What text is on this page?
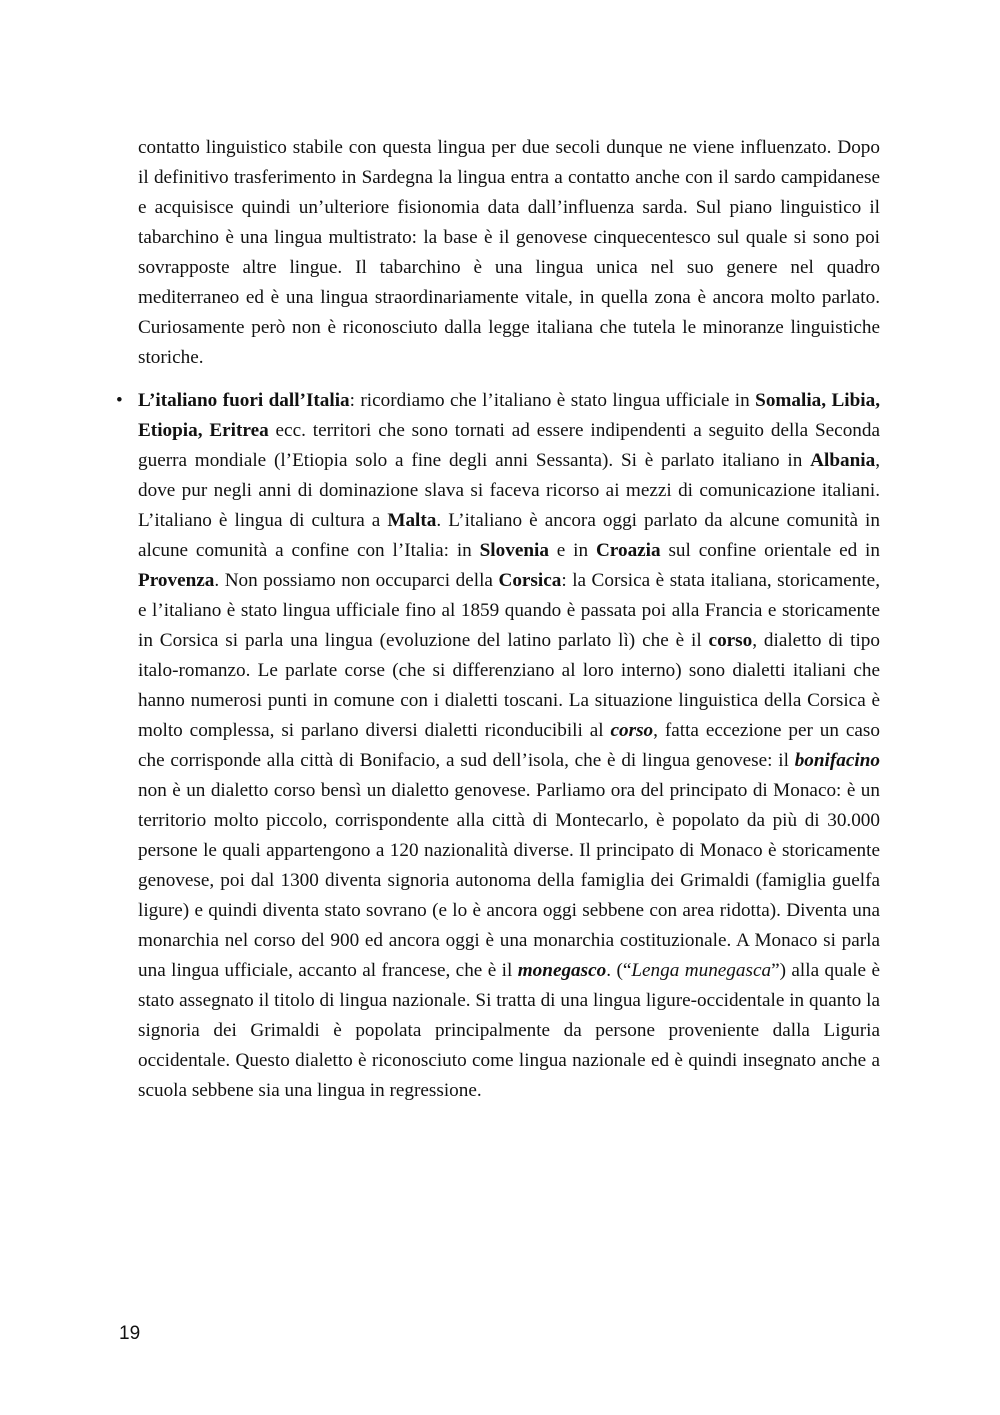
contatto linguistico stabile con questa lingua per due secoli dunque ne viene influenzato. Dopo il definitivo trasferimento in Sardegna la lingua entra a contatto anche con il sardo campidanese e acquisisce quindi un’ulteriore fisionomia data dall’influenza sarda. Sul piano linguistico il tabarchino è una lingua multistrato: la base è il genovese cinquecentesco sul quale si sono poi sovrapposte altre lingue. Il tabarchino è una lingua unica nel suo genere nel quadro mediterraneo ed è una lingua straordinariamente vitale, in quella zona è ancora molto parlato. Curiosamente però non è riconosciuto dalla legge italiana che tutela le minoranze linguistiche storiche.

• L’italiano fuori dall’Italia: ricordiamo che l’italiano è stato lingua ufficiale in Somalia, Libia, Etiopia, Eritrea ecc. territori che sono tornati ad essere indipendenti a seguito della Seconda guerra mondiale (l’Etiopia solo a fine degli anni Sessanta). Si è parlato italiano in Albania, dove pur negli anni di dominazione slava si faceva ricorso ai mezzi di comunicazione italiani. L’italiano è lingua di cultura a Malta. L’italiano è ancora oggi parlato da alcune comunità in alcune comunità a confine con l’Italia: in Slovenia e in Croazia sul confine orientale ed in Provenza. Non possiamo non occuparci della Corsica: la Corsica è stata italiana, storicamente, e l’italiano è stato lingua ufficiale fino al 1859 quando è passata poi alla Francia e storicamente in Corsica si parla una lingua (evoluzione del latino parlato lì) che è il corso, dialetto di tipo italo-romanzo. Le parlate corse (che si differenziano al loro interno) sono dialetti italiani che hanno numerosi punti in comune con i dialetti toscani. La situazione linguistica della Corsica è molto complessa, si parlano diversi dialetti riconducibili al corso, fatta eccezione per un caso che corrisponde alla città di Bonifacio, a sud dell’isola, che è di lingua genovese: il bonifacino non è un dialetto corso bensì un dialetto genovese. Parliamo ora del principato di Monaco: è un territorio molto piccolo, corrispondente alla città di Montecarlo, è popolato da più di 30.000 persone le quali appartengono a 120 nazionalità diverse. Il principato di Monaco è storicamente genovese, poi dal 1300 diventa signoria autonoma della famiglia dei Grimaldi (famiglia guelfa ligure) e quindi diventa stato sovrano (e lo è ancora oggi sebbene con area ridotta). Diventa una monarchia nel corso del 900 ed ancora oggi è una monarchia costituzionale. A Monaco si parla una lingua ufficiale, accanto al francese, che è il monegasco. (“Lenga munegasca”) alla quale è stato assegnato il titolo di lingua nazionale. Si tratta di una lingua ligure-occidentale in quanto la signoria dei Grimaldi è popolata principalmente da persone proveniente dalla Liguria occidentale. Questo dialetto è riconosciuto come lingua nazionale ed è quindi insegnato anche a scuola sebbene sia una lingua in regressione.

19
